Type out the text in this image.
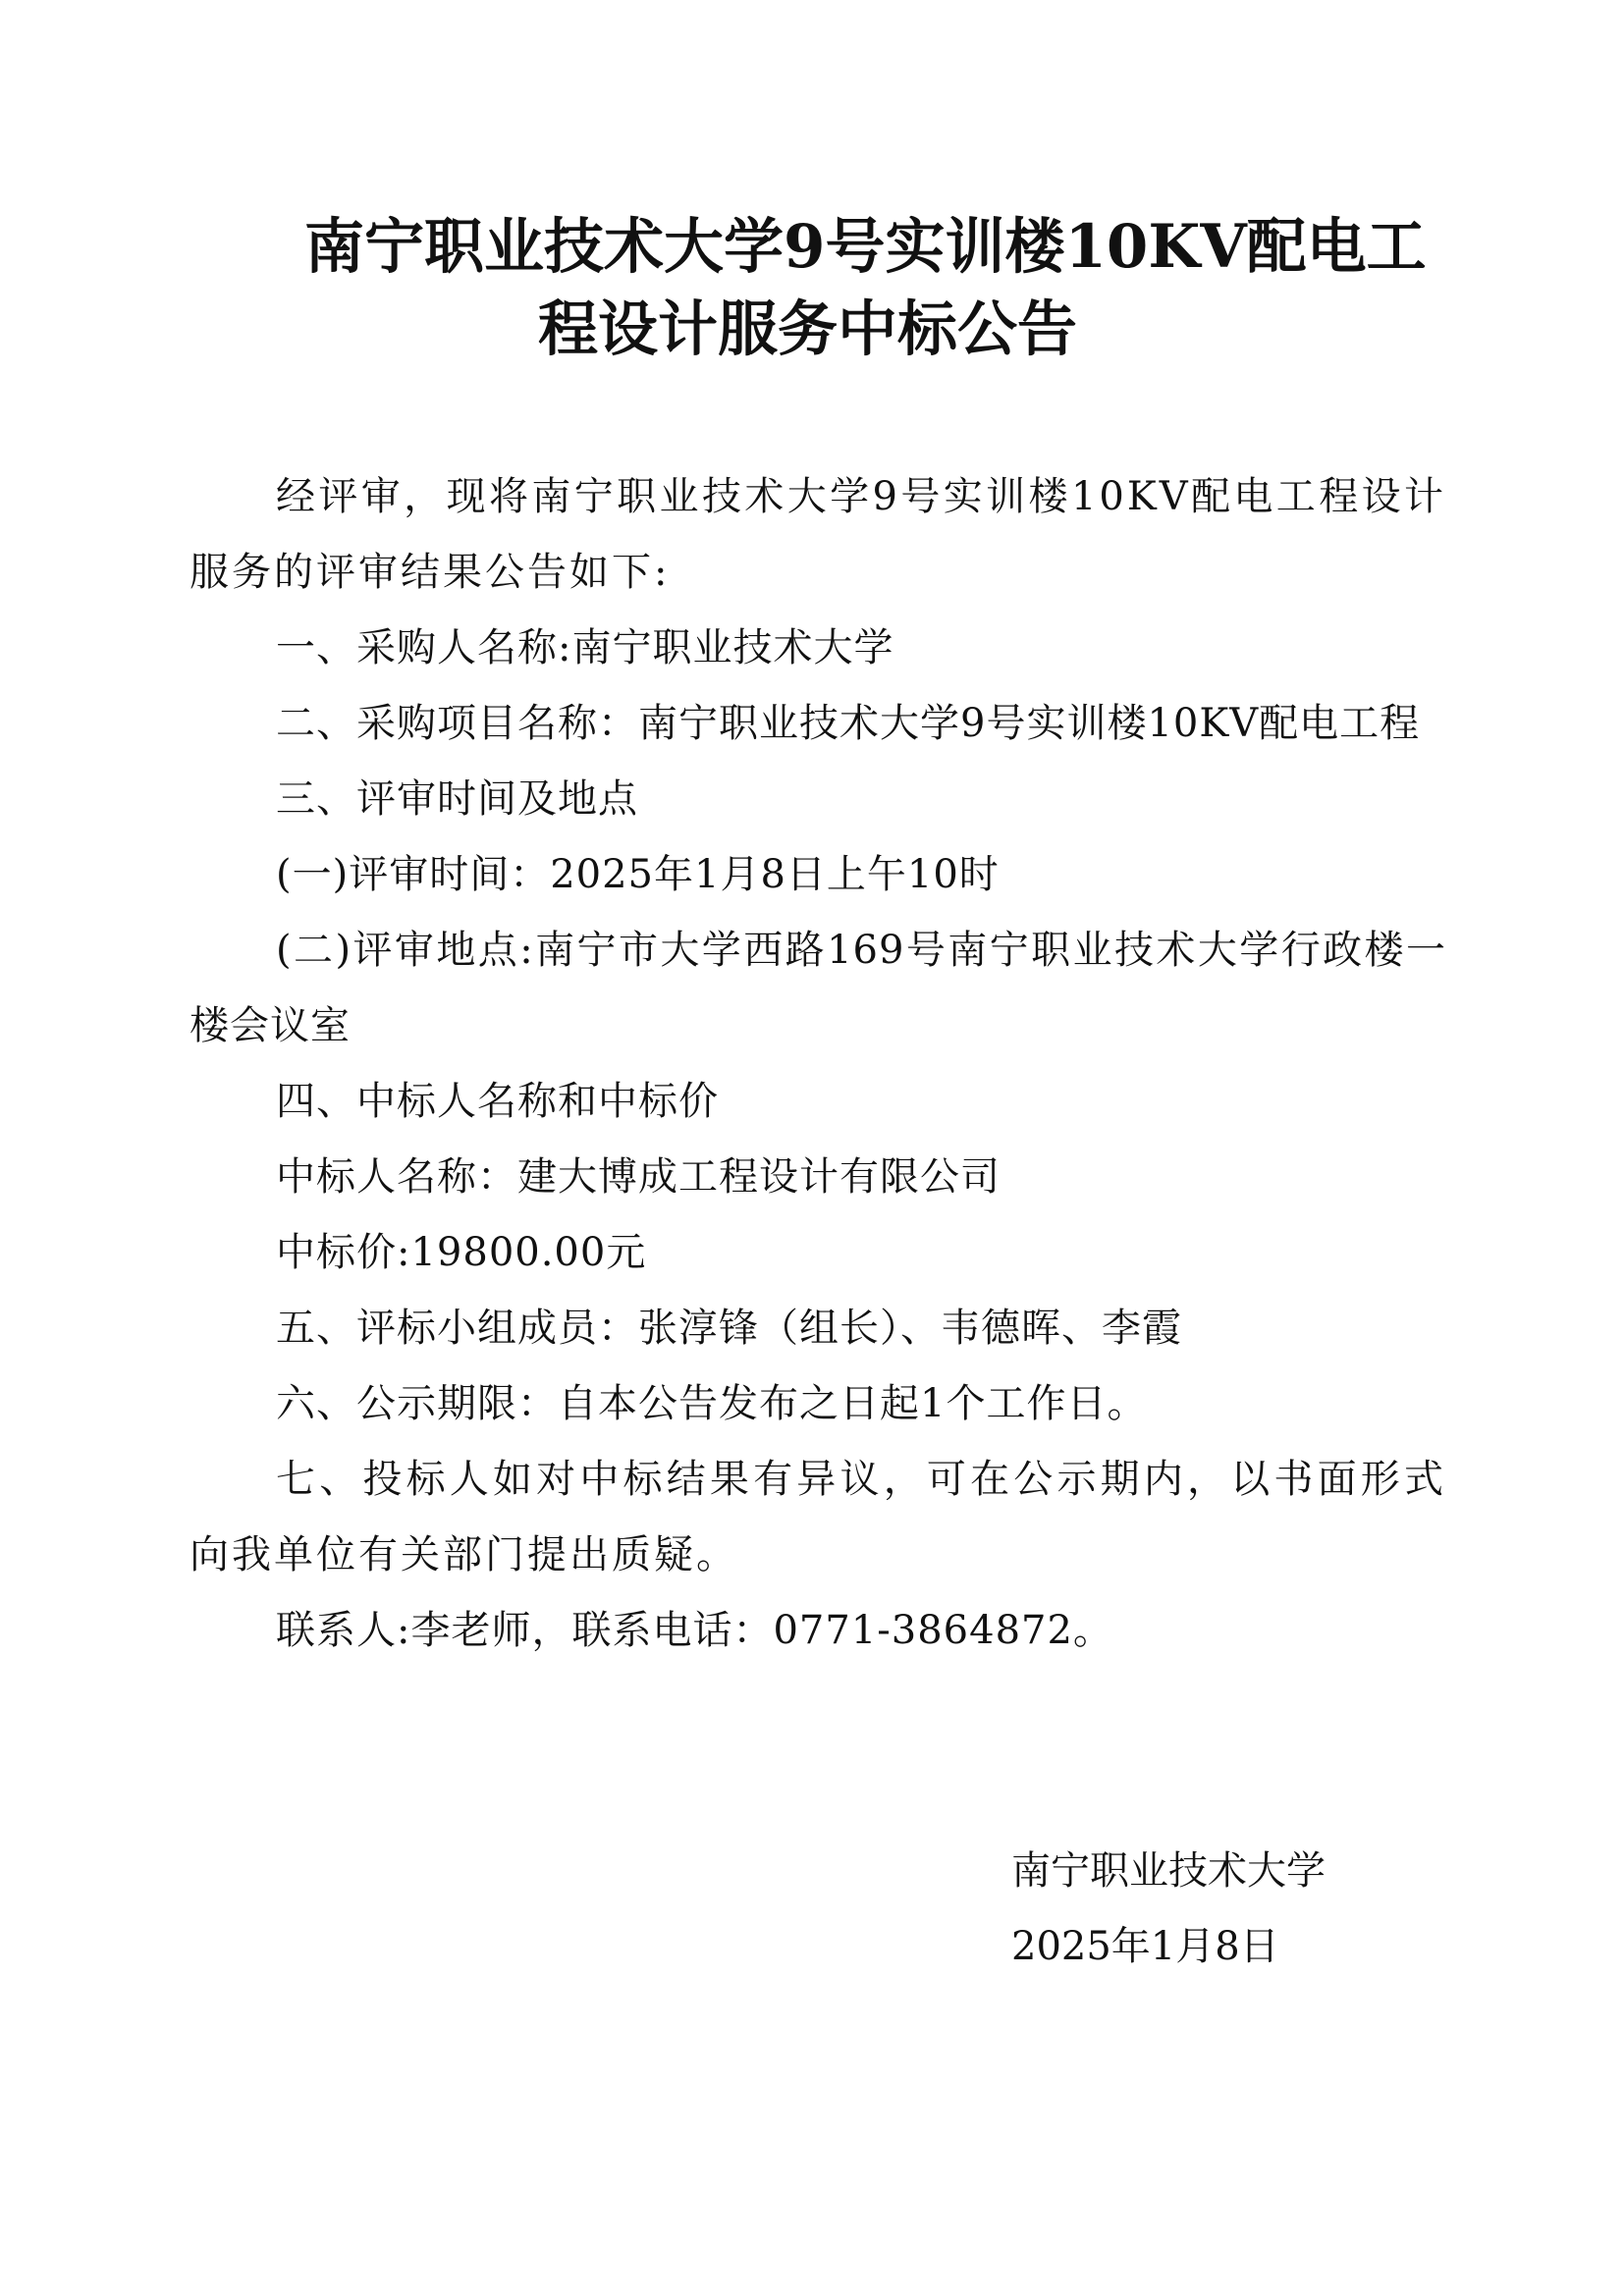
南宁职业技术大学9号实训楼10KV配电工
程设计服务中标公告

经评审，现将南宁职业技术大学9号实训楼10KV配电工程设计服务的评审结果公告如下:

一、采购人名称:南宁职业技术大学

二、采购项目名称：南宁职业技术大学9号实训楼10KV配电工程

三、评审时间及地点

(一)评审时间：2025年1月8日上午10时

(二)评审地点:南宁市大学西路169号南宁职业技术大学行政楼一楼会议室

四、中标人名称和中标价

中标人名称：建大博成工程设计有限公司

中标价:19800.00元

五、评标小组成员：张淳锋（组长）、韦德晖、李霞

六、公示期限：自本公告发布之日起1个工作日。

七、投标人如对中标结果有异议，可在公示期内，以书面形式向我单位有关部门提出质疑。

联系人:李老师，联系电话：0771-3864872。

南宁职业技术大学
2025年1月8日
